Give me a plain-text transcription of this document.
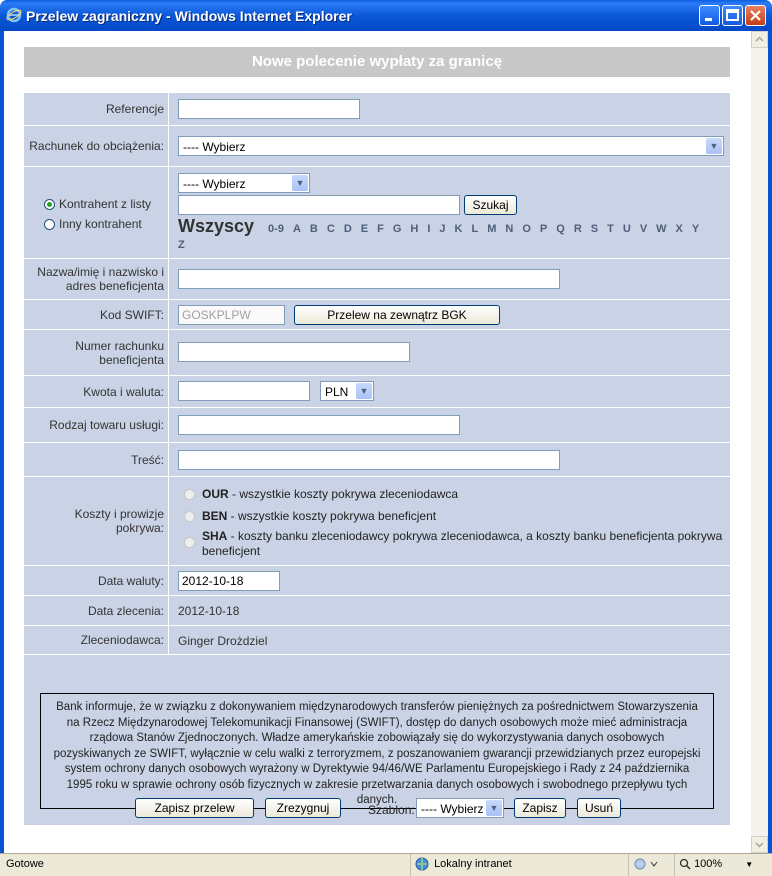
Przelew zagraniczny - Windows Internet Explorer
Nowe polecenie wypłaty za granicę
Referencje
Rachunek do obciążenia:	---- Wybierz	▼
Kontrahent z listy
Inny kontrahent
---- Wybierz	▼
Szukaj
Wszyscy 0-9 A B C D E F G H I J K L M N O P Q R S T U V W X YZ
Nazwa/imię i nazwisko i adres beneficjenta
Kod SWIFT:
GOSKPLPW	Przelew na zewnątrz BGK
Numer rachunku beneficjenta
Kwota i waluta:	PLN	▼
Rodzaj towaru usługi:
Treść:
Koszty i prowizje pokrywa:
OUR - wszystkie koszty pokrywa zleceniodawca
BEN - wszystkie koszty pokrywa beneficjent
SHA - koszty banku zleceniodawcy pokrywa zleceniodawca, a koszty banku beneficjenta pokrywa beneficjent
Data waluty:
2012-10-18
Data zlecenia:	2012-10-18
Zleceniodawca:	Ginger Drożdziel
Bank informuje, że w związku z dokonywaniem międzynarodowych transferów pieniężnych za pośrednictwem Stowarzyszenia na Rzecz Międzynarodowej Telekomunikacji Finansowej (SWIFT), dostęp do danych osobowych może mieć administracja rządowa Stanów Zjednoczonych. Władze amerykańskie zobowiązały się do wykorzystywania danych osobowych pozyskiwanych ze SWIFT, wyłącznie w celu walki z terroryzmem, z poszanowaniem gwarancji przewidzianych przez europejski system ochrony danych osobowych wyrażony w Dyrektywie 94/46/WE Parlamentu Europejskiego i Rady z 24 października 1995 roku w sprawie ochrony osób fizycznych w zakresie przetwarzania danych osobowych i swobodnego przepływu tych danych.
Zapisz przelew	Zrezygnuj	Szablon: ---- Wybierz ▼	Zapisz	Usuń
Gotowe	Lokalny intranet	100%	▼
